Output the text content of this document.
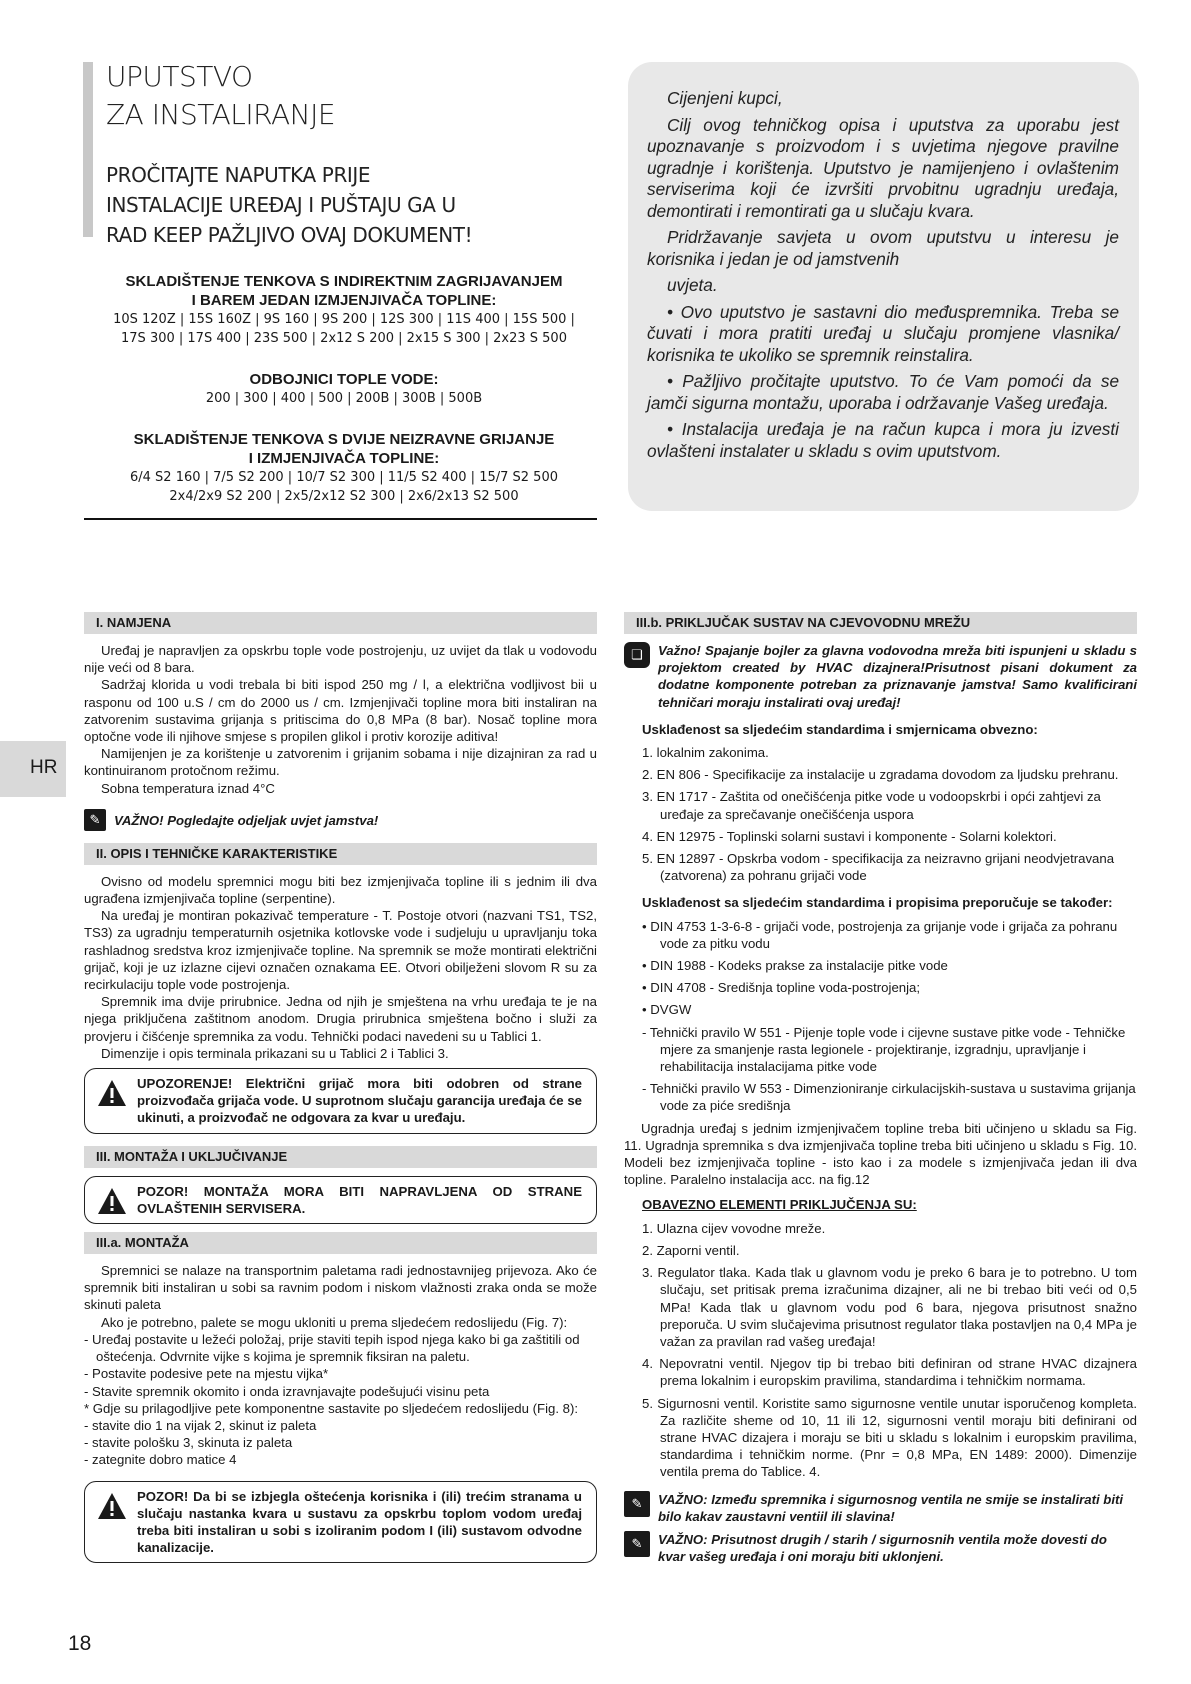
UPUTSTVO
ZA INSTALIRANJE
PROČITAJTE NAPUTKA PRIJE
INSTALACIJE UREĐAJ I PUŠTAJU GA U
RAD KEEP PAŽLJIVO OVAJ DOKUMENT!
SKLADIŠTENJE TENKOVA S INDIREKTNIM ZAGRIJAVANJEM
I BAREM JEDAN IZMJENJIVAČA TOPLINE:
10S 120Z | 15S 160Z | 9S 160 | 9S 200 | 12S 300 | 11S 400 | 15S 500 |
17S 300 | 17S 400 | 23S 500 | 2x12 S 200 | 2x15 S 300 | 2x23 S 500
ODBOJNICI TOPLE VODE:
200 | 300 | 400 | 500 | 200B | 300B | 500B
SKLADIŠTENJE TENKOVA S DVIJE NEIZRAVNE GRIJANJE
I IZMJENJIVAČA TOPLINE:
6/4 S2 160 | 7/5 S2 200 | 10/7 S2 300 | 11/5 S2 400 | 15/7 S2 500
2x4/2x9 S2 200 | 2x5/2x12 S2 300 | 2x6/2x13 S2 500

Cijenjeni kupci,

Cilj ovog tehničkog opisa i uputstva za uporabu jest upoznavanje s proizvodom i s uvjetima njegove pravilne ugradnje i korištenja. Uputstvo je namijenjeno i ovlaštenim serviserima koji će izvršiti prvobitnu ugradnju uređaja, demontirati i remontirati ga u slučaju kvara.

Pridržavanje savjeta u ovom uputstvu u interesu je korisnika i jedan je od jamstvenih

uvjeta.

• Ovo uputstvo je sastavni dio međuspremnika. Treba se čuvati i mora pratiti uređaj u slučaju promjene vlasnika/ korisnika te ukoliko se spremnik reinstalira.

• Pažljivo pročitajte uputstvo. To će Vam pomoći da se jamči sigurna montažu, uporaba i održavanje Vašeg uređaja.

• Instalacija uređaja je na račun kupca i mora ju izvesti ovlašteni instalater u skladu s ovim uputstvom.

HR
I. NAMJENA

Uređaj je napravljen za opskrbu tople vode postrojenju, uz uvijet da tlak u vodovodu nije veći od 8 bara.

Sadržaj klorida u vodi trebala bi biti ispod 250 mg / l, a električna vodljivost bii u rasponu od 100 u.S / cm do 2000 us / cm. Izmjenjivači topline mora biti instaliran na zatvorenim sustavima grijanja s pritiscima do 0,8 MPa (8 bar). Nosač topline mora optočne vode ili njihove smjese s propilen glikol i protiv korozije aditiva!

Namijenjen je za korištenje u zatvorenim i grijanim sobama i nije dizajniran za rad u kontinuiranom protočnom režimu.

Sobna temperatura iznad 4°C

✎	VAŽNO! Pogledajte odjeljak uvjet jamstva!
II. OPIS I TEHNIČKE KARAKTERISTIKE

Ovisno od modelu spremnici mogu biti bez izmjenjivača topline ili s jednim ili dva ugrađena izmjenjivača topline (serpentine).

Na uređaj je montiran pokazivač temperature - T. Postoje otvori (nazvani TS1, TS2, TS3) za ugradnju temperaturnih osjetnika kotlovske vode i sudjeluju u upravljanju toka rashladnog sredstva kroz izmjenjivače topline. Na spremnik se može montirati električni grijač, koji je uz izlazne cijevi označen oznakama EE. Otvori obilježeni slovom R su za recirkulaciju tople vode postrojenja.

Spremnik ima dvije prirubnice. Jedna od njih je smještena na vrhu uređaja te je na njega priključena zaštitnom anodom. Drugia prirubnica smještena bočno i služi za provjeru i čišćenje spremnika za vodu. Tehnički podaci navedeni su u Tablici 1.

Dimenzije i opis terminala prikazani su u Tablici 2 i Tablici 3.

UPOZORENJE! Električni grijač mora biti odobren od strane proizvođača grijača vode. U suprotnom slučaju garancija uređaja će se ukinuti, a proizvođač ne odgovara za kvar u uređaju.
III. MONTAŽA I UKLJUČIVANJE
POZOR! MONTAŽA MORA BITI NAPRAVLJENA OD STRANE OVLAŠTENIH SERVISERA.
III.a. MONTAŽA

Spremnici se nalaze na transportnim paletama radi jednostavnijeg prijevoza. Ako će spremnik biti instaliran u sobi sa ravnim podom i niskom vlažnosti zraka onda se može skinuti paleta

Ako je potrebno, palete se mogu ukloniti u prema sljedećem redoslijedu (Fig. 7):

- Uređaj postavite u ležeći položaj, prije staviti tepih ispod njega kako bi ga zaštitili od oštećenja. Odvrnite vijke s kojima je spremnik fiksiran na paletu.
- Postavite podesive pete na mjestu vijka*
- Stavite spremnik okomito i onda izravnjavajte podešujući visinu peta
* Gdje su prilagodljive pete komponentne sastavite po sljedećem redoslijedu (Fig. 8):
- stavite dio 1 na vijak 2, skinut iz paleta
- stavite pološku 3, skinuta iz paleta
- zategnite dobro matice 4
POZOR! Da bi se izbjegla oštećenja korisnika i (ili) trećim stranama u slučaju nastanka kvara u sustavu za opskrbu toplom vodom uređaj treba biti instaliran u sobi s izoliranim podom I (ili) sustavom odvodne kanalizacije.
III.b. PRIKLJUČAK SUSTAV NA CJEVOVODNU MREŽU
❏	Važno! Spajanje bojler za glavna vodovodna mreža biti ispunjeni u skladu s projektom created by HVAC dizajnera!Prisutnost pisani dokument za dodatne komponente potreban za priznavanje jamstva! Samo kvalificirani tehničari moraju instalirati ovaj uređaj!

Usklađenost sa sljedećim standardima i smjernicama obvezno:

1. lokalnim zakonima.
2. EN 806 - Specifikacije za instalacije u zgradama dovodom za ljudsku prehranu.
3. EN 1717 - Zaštita od onečišćenja pitke vode u vodoopskrbi i opći zahtjevi za uređaje za sprečavanje onečišćenja uspora
4. EN 12975 - Toplinski solarni sustavi i komponente - Solarni kolektori.
5. EN 12897 - Opskrba vodom - specifikacija za neizravno grijani neodvjetravana (zatvorena) za pohranu grijači vode

Usklađenost sa sljedećim standardima i propisima preporučuje se također:

• DIN 4753 1-3-6-8 - grijači vode, postrojenja za grijanje vode i grijača za pohranu vode za pitku vodu
• DIN 1988 - Kodeks prakse za instalacije pitke vode
• DIN 4708 - Središnja topline voda-postrojenja;
• DVGW
- Tehnički pravilo W 551 - Pijenje tople vode i cijevne sustave pitke vode - Tehničke mjere za smanjenje rasta legionele - projektiranje, izgradnju, upravljanje i rehabilitacija instalacijama pitke vode
- Tehnički pravilo W 553 - Dimenzioniranje cirkulacijskih-sustava u sustavima grijanja vode za piće središnja

Ugradnja uređaj s jednim izmjenjivačem topline treba biti učinjeno u skladu sa Fig. 11. Ugradnja spremnika s dva izmjenjivača topline treba biti učinjeno u skladu s Fig. 10. Modeli bez izmjenjivača topline - isto kao i za modele s izmjenjivača jedan ili dva topline. Paralelno instalacija acc. na fig.12

OBAVEZNO ELEMENTI PRIKLJUČENJA SU:

1. Ulazna cijev vovodne mreže.
2. Zaporni ventil.
3. Regulator tlaka. Kada tlak u glavnom vodu je preko 6 bara je to potrebno. U tom slučaju, set pritisak prema izračunima dizajner, ali ne bi trebao biti veći od 0,5 MPa! Kada tlak u glavnom vodu pod 6 bara, njegova prisutnost snažno preporuča. U svim slučajevima prisutnost regulator tlaka postavljen na 0,4 MPa je važan za pravilan rad vašeg uređaja!
4. Nepovratni ventil. Njegov tip bi trebao biti definiran od strane HVAC dizajnera prema lokalnim i europskim pravilima, standardima i tehničkim normama.
5. Sigurnosni ventil. Koristite samo sigurnosne ventile unutar isporučenog kompleta. Za različite sheme od 10, 11 ili 12, sigurnosni ventil moraju biti definirani od strane HVAC dizajera i moraju se biti u skladu s lokalnim i europskim pravilima, standardima i tehničkim normе. (Pnr = 0,8 MPa, EN 1489: 2000). Dimenzije ventila prema do Tablice. 4.
✎	VAŽNO: Između spremnika i sigurnosnog ventila ne smije se instalirati biti bilo kakav zaustavni ventiil ili slavina!
✎	VAŽNO: Prisutnost drugih / starih / sigurnosnih ventila može dovesti do kvar vašeg uređaja i oni moraju biti uklonjeni.
18
